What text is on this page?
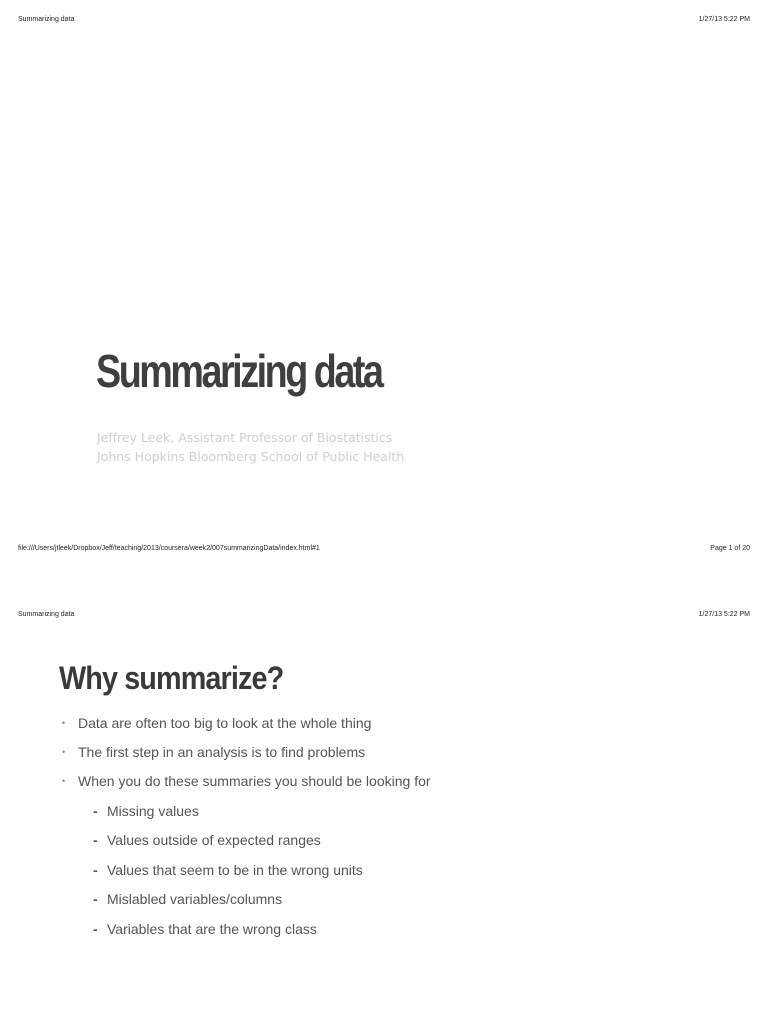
Summarizing data	1/27/13 5:22 PM
Summarizing data
Jeffrey Leek, Assistant Professor of Biostatistics
Johns Hopkins Bloomberg School of Public Health
file:///Users/jtleek/Dropbox/Jeff/teaching/2013/coursera/week2/007summarizingData/index.html#1	Page 1 of 20
Summarizing data	1/27/13 5:22 PM
Why summarize?
• Data are often too big to look at the whole thing
• The first step in an analysis is to find problems
• When you do these summaries you should be looking for
- Missing values
- Values outside of expected ranges
- Values that seem to be in the wrong units
- Mislabled variables/columns
- Variables that are the wrong class
